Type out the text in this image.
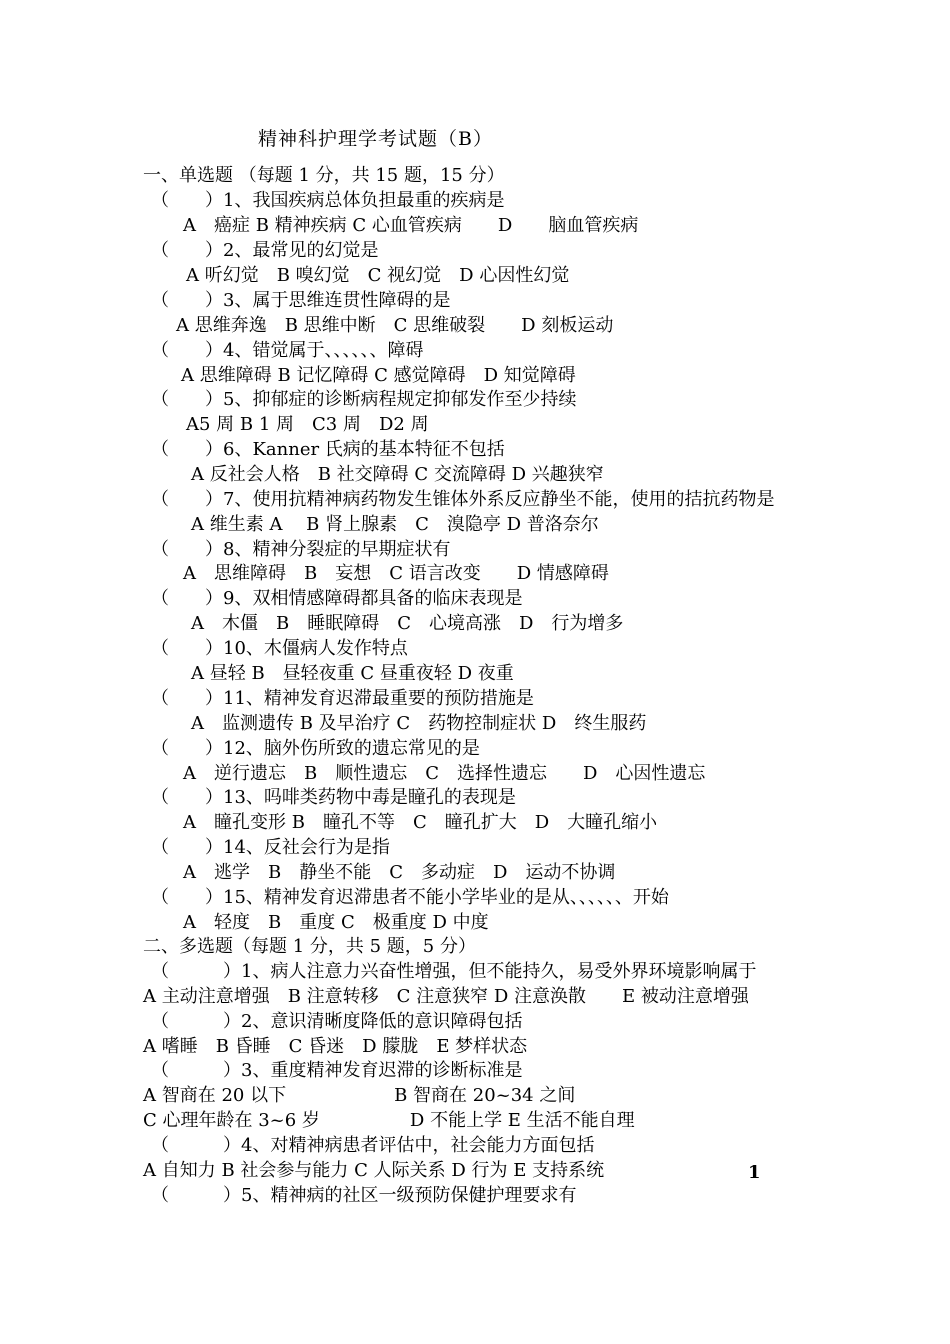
精神科护理学考试题（B）
一、单选题 （每题 1 分，共 15 题，15 分）
（　　）1、我国疾病总体负担最重的疾病是
A　癌症 B 精神疾病 C 心血管疾病　　D　　脑血管疾病
（　　）2、最常见的幻觉是
A 听幻觉　B 嗅幻觉　C 视幻觉　D 心因性幻觉
（　　）3、属于思维连贯性障碍的是
A 思维奔逸　B 思维中断　C 思维破裂　　D 刻板运动
（　　）4、错觉属于、、、、、、障碍
A 思维障碍 B 记忆障碍 C 感觉障碍　D 知觉障碍
（　　）5、抑郁症的诊断病程规定抑郁发作至少持续
A5 周 B 1 周　C3 周　D2 周
（　　）6、Kanner 氏病的基本特征不包括
A 反社会人格　B 社交障碍 C 交流障碍 D 兴趣狭窄
（　　）7、使用抗精神病药物发生锥体外系反应静坐不能，使用的拮抗药物是
A 维生素 A　 B 肾上腺素　C　溴隐亭 D 普洛奈尔
（　　）8、精神分裂症的早期症状有
A　思维障碍　B　妄想　C 语言改变　　D 情感障碍
（　　）9、双相情感障碍都具备的临床表现是
A　木僵　B　睡眠障碍　C　心境高涨　D　行为增多
（　　）10、木僵病人发作特点
A 昼轻 B　昼轻夜重 C 昼重夜轻 D 夜重
（　　）11、精神发育迟滞最重要的预防措施是
A　监测遗传 B 及早治疗 C　药物控制症状 D　终生服药
（　　）12、脑外伤所致的遗忘常见的是
A　逆行遗忘　B　顺性遗忘　C　选择性遗忘　　D　心因性遗忘
（　　）13、吗啡类药物中毒是瞳孔的表现是
A　瞳孔变形 B　瞳孔不等　C　瞳孔扩大　D　大瞳孔缩小
（　　）14、反社会行为是指
A　逃学　B　静坐不能　C　多动症　D　运动不协调
（　　）15、精神发育迟滞患者不能小学毕业的是从、、、、、、开始
A　轻度　B　重度 C　极重度 D 中度
二、多选题（每题 1 分，共 5 题，5 分）
（　　　）1、病人注意力兴奋性增强，但不能持久，易受外界环境影响属于
A 主动注意增强　B 注意转移　C 注意狭窄 D 注意涣散　　E 被动注意增强
（　　　）2、意识清晰度降低的意识障碍包括
A 嗜睡　B 昏睡　C 昏迷　D 朦胧　E 梦样状态
（　　　）3、重度精神发育迟滞的诊断标准是
A 智商在 20 以下　　　　　　B 智商在 20~34 之间
C 心理年龄在 3~6 岁　　　　　D 不能上学 E 生活不能自理
（　　　）4、对精神病患者评估中，社会能力方面包括
A 自知力 B 社会参与能力 C 人际关系 D 行为 E 支持系统
（　　　）5、精神病的社区一级预防保健护理要求有
1
